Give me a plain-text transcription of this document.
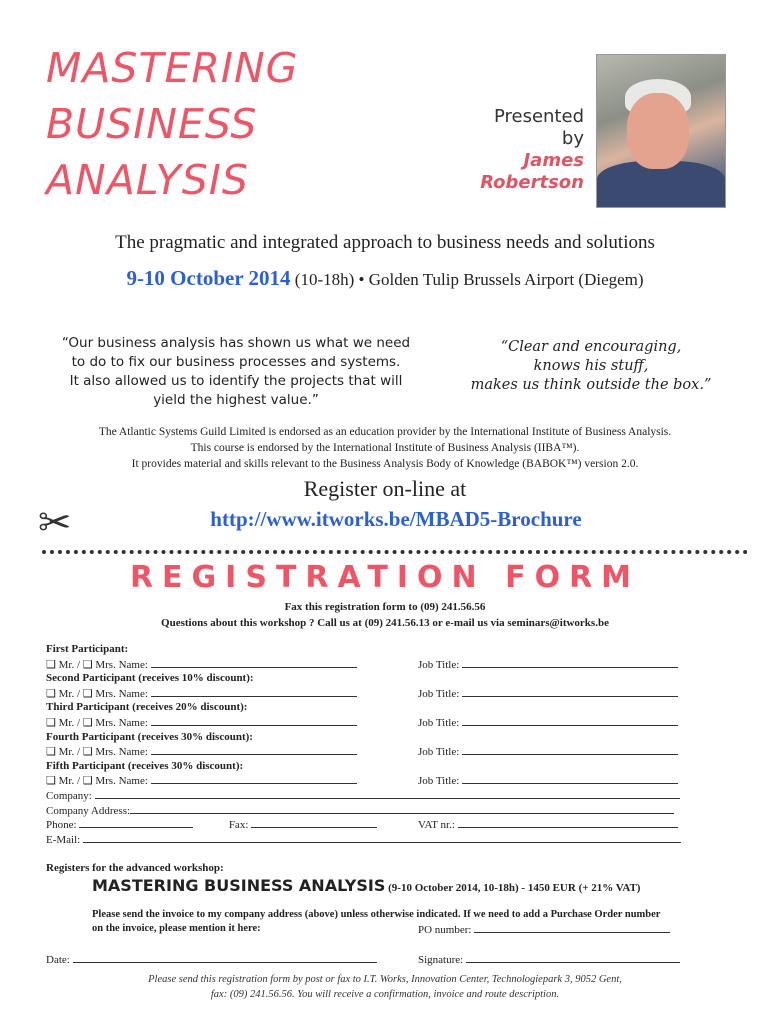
MASTERING
BUSINESS
ANALYSIS
Presented
by
James
Robertson
The pragmatic and integrated approach to business needs and solutions
9-10 October 2014 (10-18h) • Golden Tulip Brussels Airport (Diegem)
“Our business analysis has shown us what we need
to do to fix our business processes and systems.
It also allowed us to identify the projects that will
yield the highest value.”
“Clear and encouraging,
knows his stuff,
makes us think outside the box.”
The Atlantic Systems Guild Limited is endorsed as an education provider by the International Institute of Business Analysis.
This course is endorsed by the International Institute of Business Analysis (IIBA™).
It provides material and skills relevant to the Business Analysis Body of Knowledge (BABOK™) version 2.0.
Register on-line at
http://www.itworks.be/MBAD5-Brochure
✂
REGISTRATION FORM
Fax this registration form to (09) 241.56.56
Questions about this workshop ? Call us at (09) 241.56.13 or e-mail us via seminars@itworks.be
First Participant:
❑ Mr. / ❑ Mrs. Name:	Job Title:
Second Participant (receives 10% discount):
❑ Mr. / ❑ Mrs. Name:	Job Title:
Third Participant (receives 20% discount):
❑ Mr. / ❑ Mrs. Name:	Job Title:
Fourth Participant (receives 30% discount):
❑ Mr. / ❑ Mrs. Name:	Job Title:
Fifth Participant (receives 30% discount):
❑ Mr. / ❑ Mrs. Name:	Job Title:
Company:
Company Address:
Phone:	Fax:	VAT nr.:
E-Mail:
Registers for the advanced workshop:
MASTERING BUSINESS ANALYSIS (9-10 October 2014, 10-18h) - 1450 EUR (+ 21% VAT)
Please send the invoice to my company address (above) unless otherwise indicated. If we need to add a Purchase Order number
on the invoice, please mention it here:	PO number:
Date:	Signature:
Please send this registration form by post or fax to I.T. Works, Innovation Center, Technologiepark 3, 9052 Gent,
fax: (09) 241.56.56. You will receive a confirmation, invoice and route description.
